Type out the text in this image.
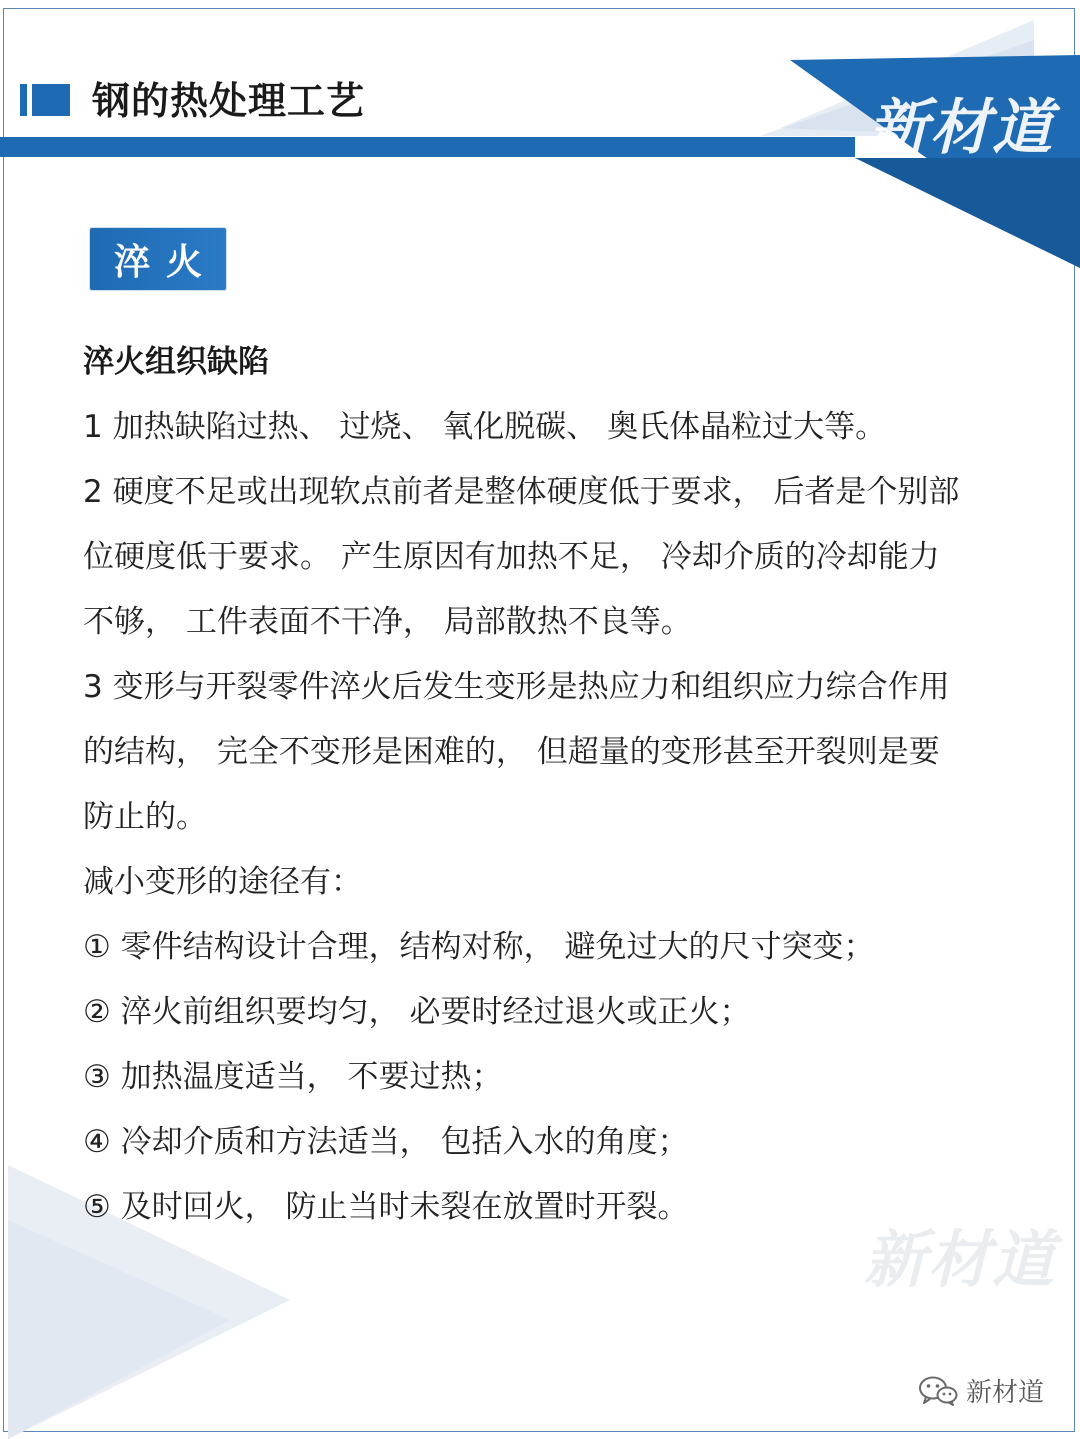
钢的热处理工艺	新材道
淬火

淬火组织缺陷

1 加热缺陷过热、 过烧、 氧化脱碳、 奥氏体晶粒过大等。

2 硬度不足或出现软点前者是整体硬度低于要求， 后者是个别部位硬度低于要求。 产生原因有加热不足， 冷却介质的冷却能力不够， 工件表面不干净， 局部散热不良等。

3 变形与开裂零件淬火后发生变形是热应力和组织应力综合作用的结构， 完全不变形是困难的， 但超量的变形甚至开裂则是要防止的。

减小变形的途径有：

① 零件结构设计合理，结构对称， 避免过大的尺寸突变；

② 淬火前组织要均匀， 必要时经过退火或正火；

③ 加热温度适当， 不要过热；

④ 冷却介质和方法适当， 包括入水的角度；

⑤ 及时回火， 防止当时未裂在放置时开裂。

新材道
新材道
